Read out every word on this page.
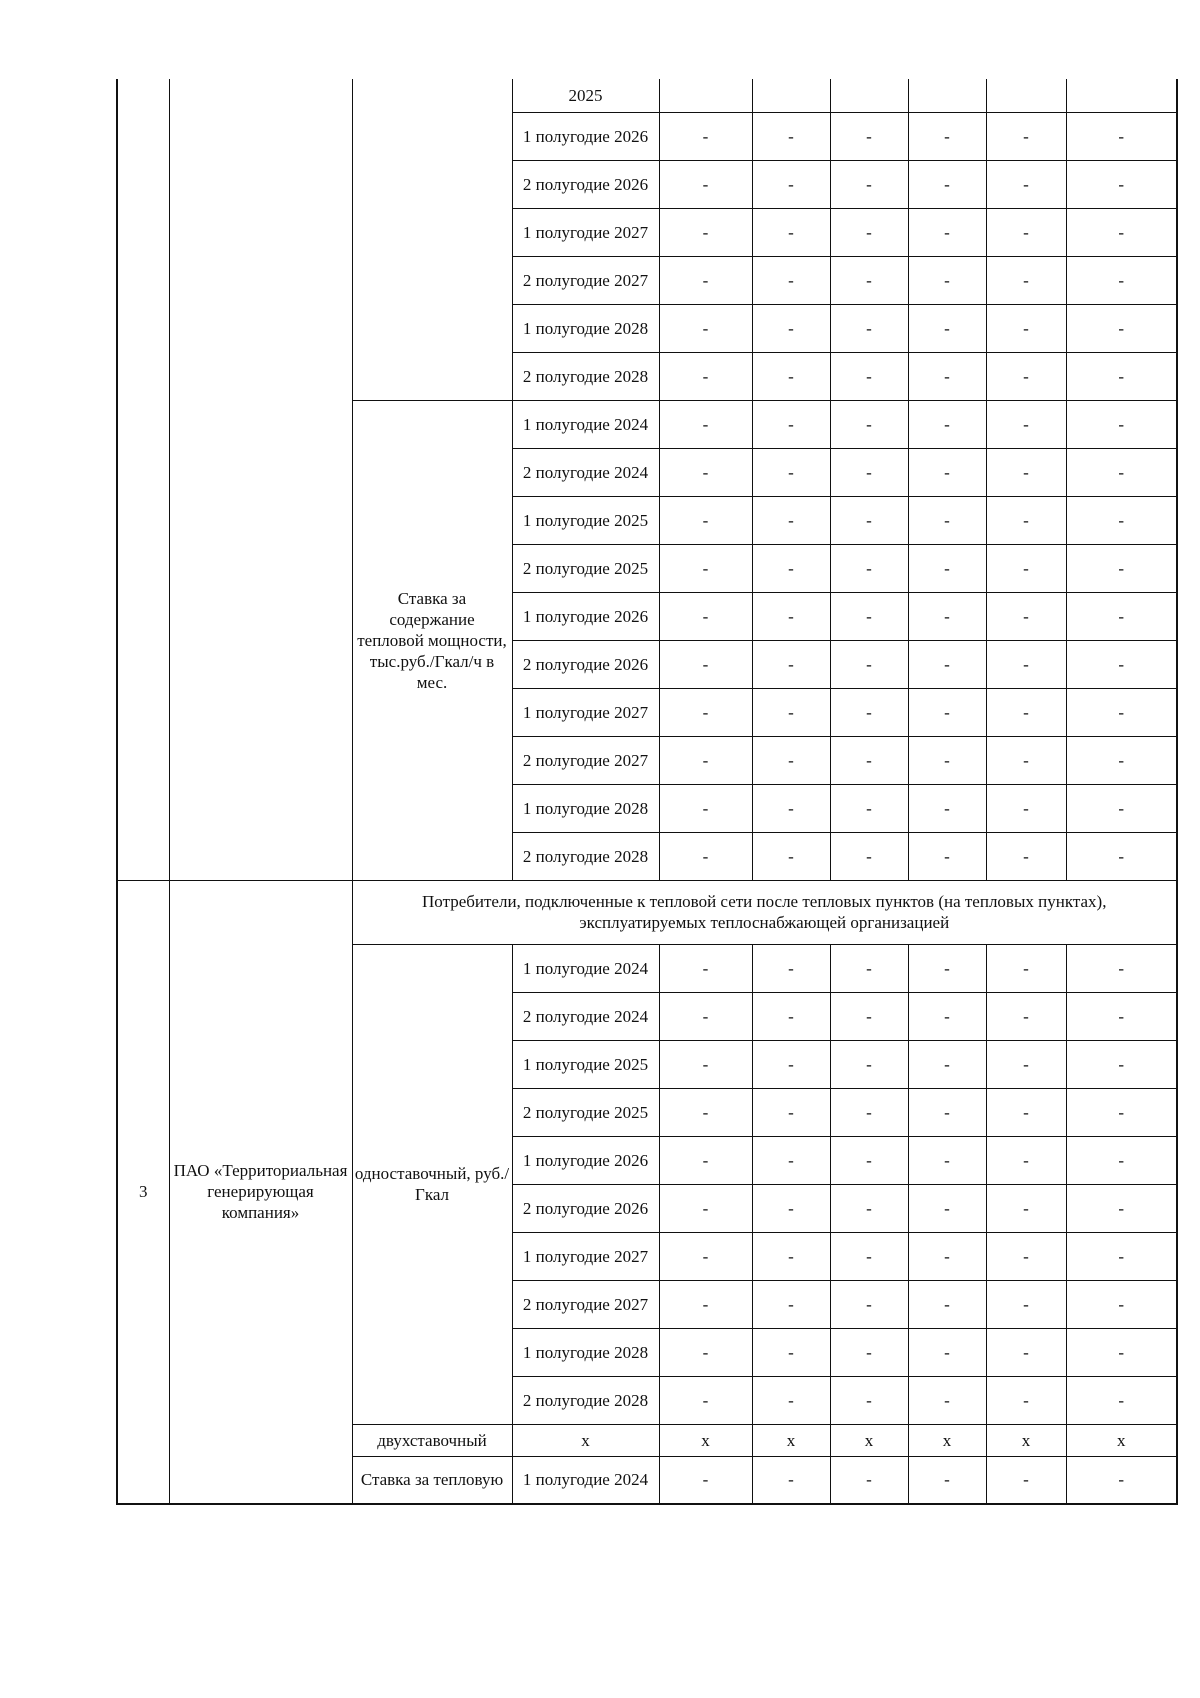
			2025						
			1 полугодие 2026	-	-	-	-	-	-
			2 полугодие 2026	-	-	-	-	-	-
			1 полугодие 2027	-	-	-	-	-	-
			2 полугодие 2027	-	-	-	-	-	-
			1 полугодие 2028	-	-	-	-	-	-
			2 полугодие 2028	-	-	-	-	-	-
		Ставка за содержание тепловой мощности, тыс.руб./Гкал/ч в мес.	1 полугодие 2024	-	-	-	-	-	-
			2 полугодие 2024	-	-	-	-	-	-
			1 полугодие 2025	-	-	-	-	-	-
			2 полугодие 2025	-	-	-	-	-	-
			1 полугодие 2026	-	-	-	-	-	-
			2 полугодие 2026	-	-	-	-	-	-
			1 полугодие 2027	-	-	-	-	-	-
			2 полугодие 2027	-	-	-	-	-	-
			1 полугодие 2028	-	-	-	-	-	-
			2 полугодие 2028	-	-	-	-	-	-
3	ПАО «Территориальная генерирующая компания»	Потребители, подключенные к тепловой сети после тепловых пунктов (на тепловых пунктах), эксплуатируемых теплоснабжающей организацией							
		одноставочный, руб./Гкал	1 полугодие 2024	-	-	-	-	-	-
			2 полугодие 2024	-	-	-	-	-	-
			1 полугодие 2025	-	-	-	-	-	-
			2 полугодие 2025	-	-	-	-	-	-
			1 полугодие 2026	-	-	-	-	-	-
			2 полугодие 2026	-	-	-	-	-	-
			1 полугодие 2027	-	-	-	-	-	-
			2 полугодие 2027	-	-	-	-	-	-
			1 полугодие 2028	-	-	-	-	-	-
			2 полугодие 2028	-	-	-	-	-	-
		двухставочный	x	x	x	x	x	x	x
		Ставка за тепловую	1 полугодие 2024	-	-	-	-	-	-
